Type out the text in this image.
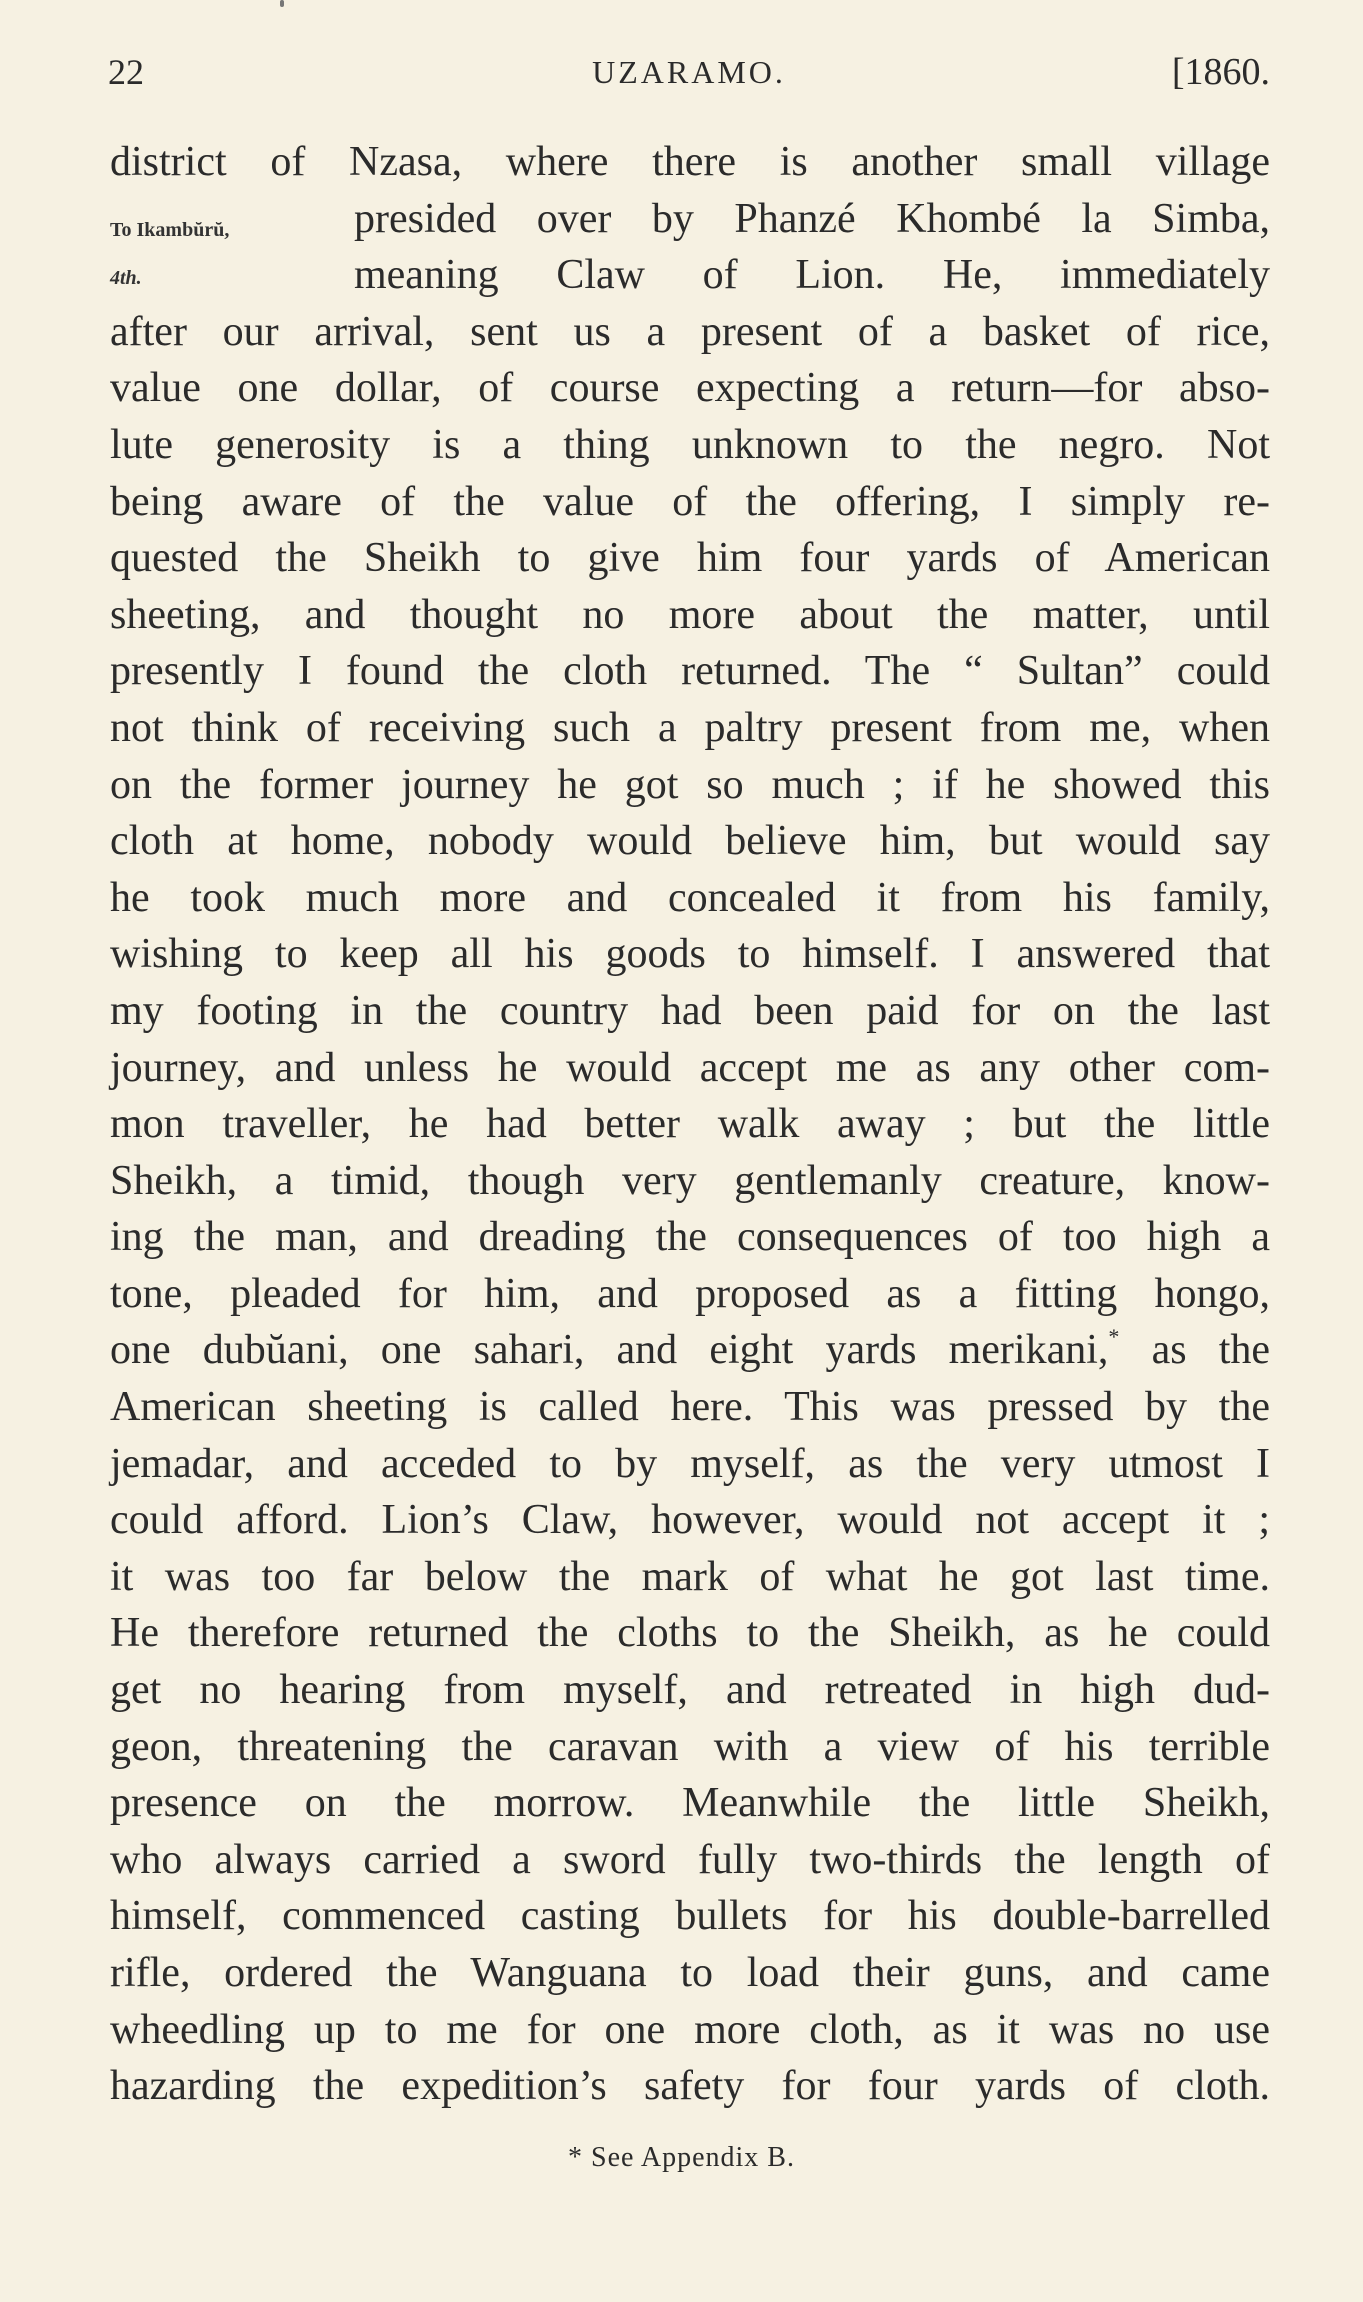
22	UZARAMO.	[1860.
To Ikambŭrŭ,
4th.
district of Nzasa, where there is another small village
presided over by Phanzé Khombé la Simba,
meaning Claw of Lion. He, immediately
after our arrival, sent us a present of a basket of rice,
value one dollar, of course expecting a return—for abso-
lute generosity is a thing unknown to the negro. Not
being aware of the value of the offering, I simply re-
quested the Sheikh to give him four yards of American
sheeting, and thought no more about the matter, until
presently I found the cloth returned. The “ Sultan” could
not think of receiving such a paltry present from me, when
on the former journey he got so much ; if he showed this
cloth at home, nobody would believe him, but would say
he took much more and concealed it from his family,
wishing to keep all his goods to himself. I answered that
my footing in the country had been paid for on the last
journey, and unless he would accept me as any other com-
mon traveller, he had better walk away ; but the little
Sheikh, a timid, though very gentlemanly creature, know-
ing the man, and dreading the consequences of too high a
tone, pleaded for him, and proposed as a fitting hongo,
one dubŭani, one sahari, and eight yards merikani,* as the
American sheeting is called here. This was pressed by the
jemadar, and acceded to by myself, as the very utmost I
could afford. Lion’s Claw, however, would not accept it ;
it was too far below the mark of what he got last time.
He therefore returned the cloths to the Sheikh, as he could
get no hearing from myself, and retreated in high dud-
geon, threatening the caravan with a view of his terrible
presence on the morrow. Meanwhile the little Sheikh,
who always carried a sword fully two-thirds the length of
himself, commenced casting bullets for his double-barrelled
rifle, ordered the Wanguana to load their guns, and came
wheedling up to me for one more cloth, as it was no use
hazarding the expedition’s safety for four yards of cloth.
* See Appendix B.
